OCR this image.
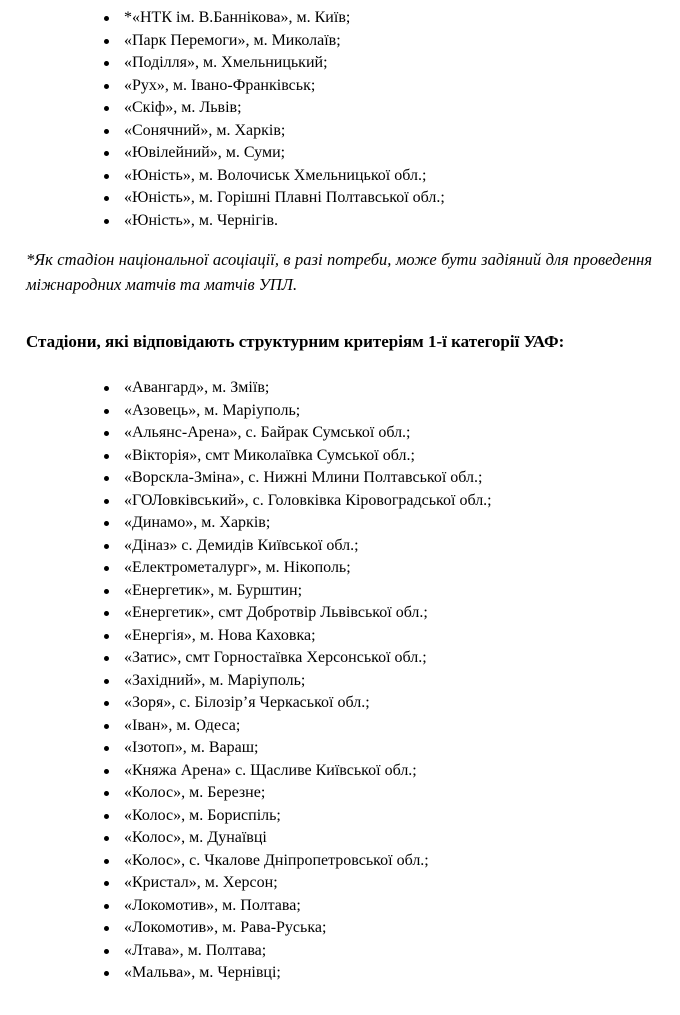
*«НТК ім. В.Баннікова», м. Київ;
«Парк Перемоги», м. Миколаїв;
«Поділля», м. Хмельницький;
«Рух», м. Івано-Франківськ;
«Скіф», м. Львів;
«Сонячний», м. Харків;
«Ювілейний», м. Суми;
«Юність», м. Волочиськ Хмельницької обл.;
«Юність», м. Горішні Плавні Полтавської обл.;
«Юність», м. Чернігів.

*Як стадіон національної асоціації, в разі потреби, може бути задіяний для проведення міжнародних матчів та матчів УПЛ.

Стадіони, які відповідають структурним критеріям 1-ї категорії УАФ:
«Авангард», м. Зміїв;
«Азовець», м. Маріуполь;
«Альянс-Арена», с. Байрак Сумської обл.;
«Вікторія», смт Миколаївка Сумської обл.;
«Ворскла-Зміна», с. Нижні Млини Полтавської обл.;
«ГОЛовківський», с. Головківка Кіровоградської обл.;
«Динамо», м. Харків;
«Діназ» с. Демидів Київської обл.;
«Електрометалург», м. Нікополь;
«Енергетик», м. Бурштин;
«Енергетик», смт Добротвір Львівської обл.;
«Енергія», м. Нова Каховка;
«Затис», смт Горностаївка Херсонської обл.;
«Західний», м. Маріуполь;
«Зоря», с. Білозір’я Черкаської обл.;
«Іван», м. Одеса;
«Ізотоп», м. Вараш;
«Княжа Арена» с. Щасливе Київської обл.;
«Колос», м. Березне;
«Колос», м. Бориспіль;
«Колос», м. Дунаївці
«Колос», с. Чкалове Дніпропетровської обл.;
«Кристал», м. Херсон;
«Локомотив», м. Полтава;
«Локомотив», м. Рава-Руська;
«Лтава», м. Полтава;
«Мальва», м. Чернівці;
